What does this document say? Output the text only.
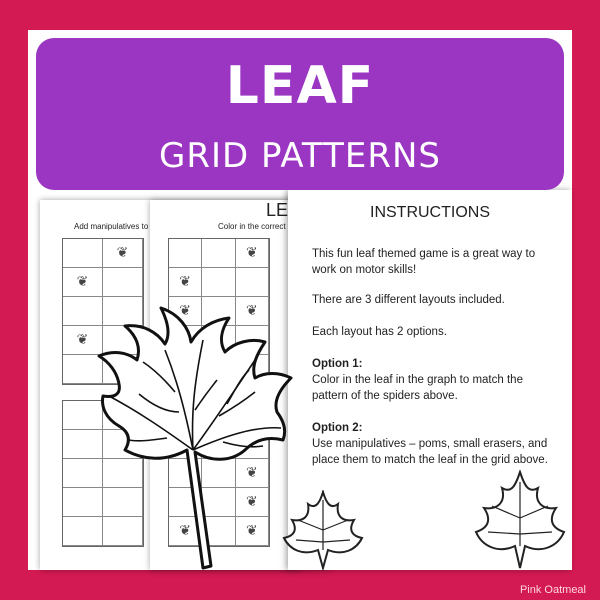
Add manipulatives to
❦
❦
❦
LE
Color in the correct
❦
❦
❦	❦
❦
❦
❦	❦
INSTRUCTIONS
This fun leaf themed game is a great way to work on motor skills!
There are 3 different layouts included.
Each layout has 2 options.
Option 1:
Color in the leaf in the graph to match the pattern of the spiders above.
Option 2:
Use manipulatives – poms, small erasers, and place them to match the leaf in the grid above.
LEAF
GRID PATTERNS
Pink Oatmeal
